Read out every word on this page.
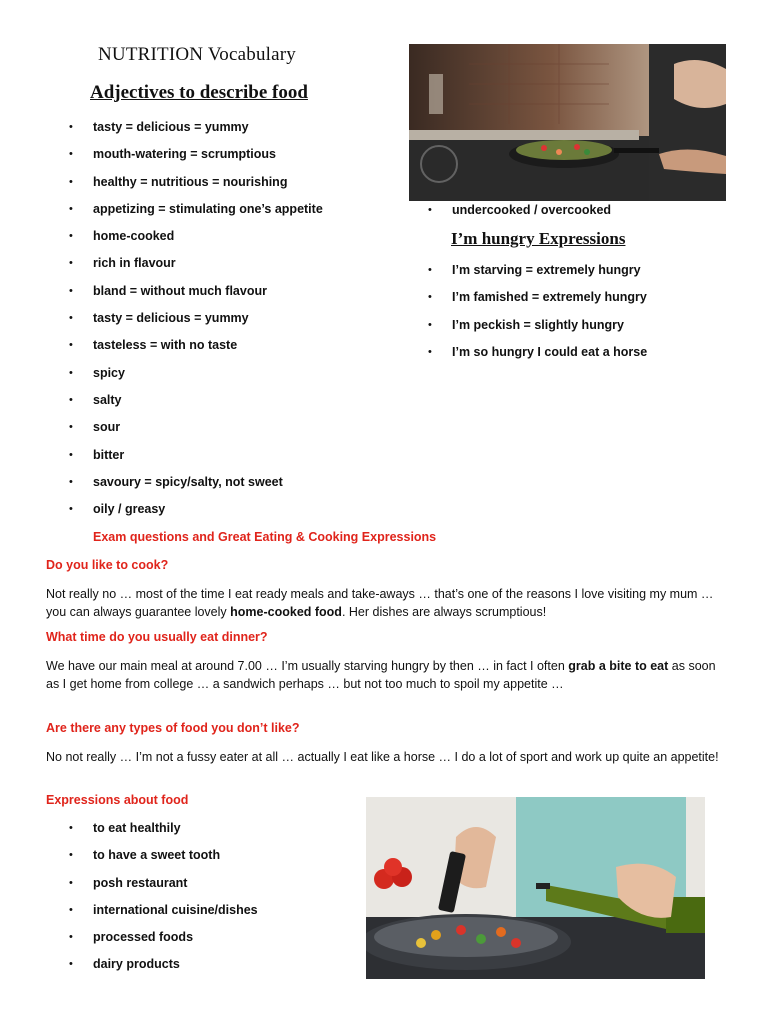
NUTRITION Vocabulary
Adjectives to describe food
• tasty = delicious = yummy
• mouth-watering = scrumptious
• healthy = nutritious = nourishing
• appetizing = stimulating one’s appetite
• home-cooked
• rich in flavour
• bland = without much flavour
• tasty = delicious = yummy
• tasteless = with no taste
• spicy
• salty
• sour
• bitter
• savoury = spicy/salty, not sweet
• oily / greasy
• undercooked / overcooked
I’m hungry Expressions
• I’m starving = extremely hungry
• I’m famished = extremely hungry
• I’m peckish = slightly hungry
• I’m so hungry I could eat a horse

Exam questions and Great Eating & Cooking Expressions

Do you like to cook?

Not really no … most of the time I eat ready meals and take-aways … that’s one of the reasons I love visiting my mum … you can always guarantee lovely home-cooked food. Her dishes are always scrumptious!

What time do you usually eat dinner?

We have our main meal at around 7.00 … I’m usually starving hungry by then … in fact I often grab a bite to eat as soon as I get home from college … a sandwich perhaps … but not too much to spoil my appetite …

Are there any types of food you don’t like?

No not really … I’m not a fussy eater at all … actually I eat like a horse … I do a lot of sport and work up quite an appetite!

Expressions about food

• to eat healthily
• to have a sweet tooth
• posh restaurant
• international cuisine/dishes
• processed foods
• dairy products
